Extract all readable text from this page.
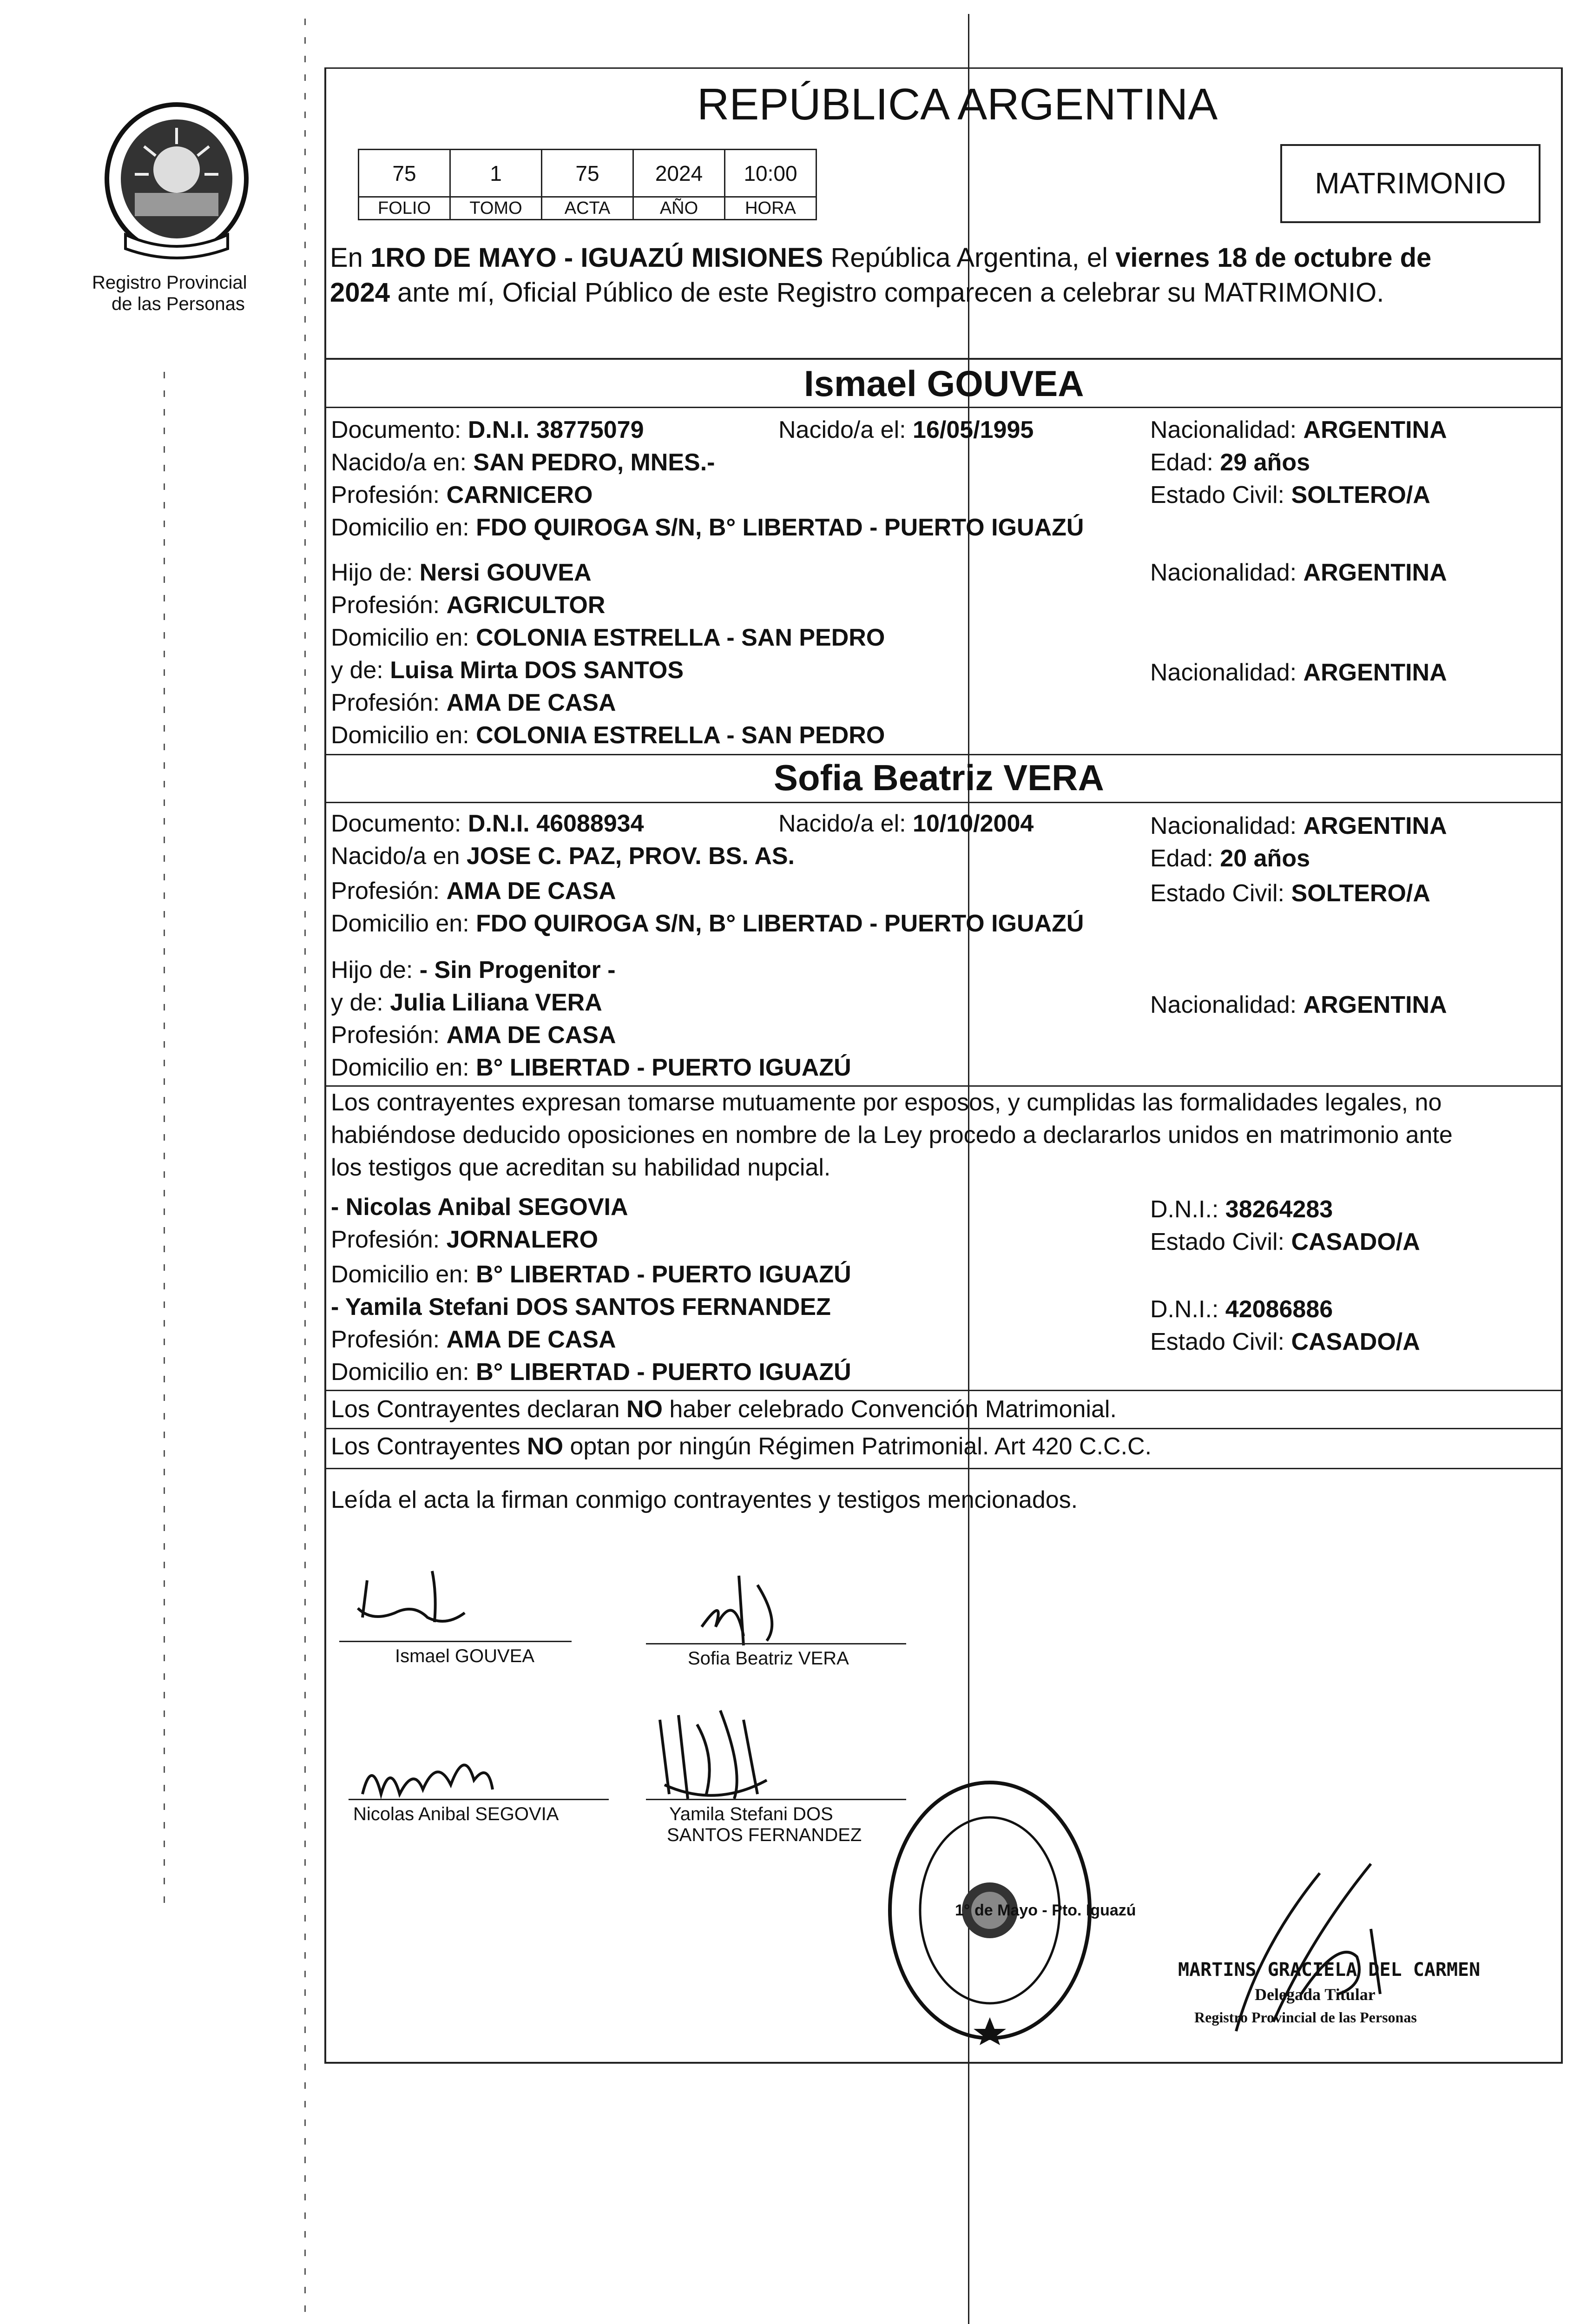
Registro Provincial
de las Personas
REPÚBLICA ARGENTINA
75	1	75	2024	10:00
FOLIO	TOMO	ACTA	AÑO	HORA
MATRIMONIO
En 1RO DE MAYO - IGUAZÚ MISIONES República Argentina, el viernes 18 de octubre de
2024 ante mí, Oficial Público de este Registro comparecen a celebrar su MATRIMONIO.
Ismael GOUVEA
Documento: D.N.I. 38775079	Nacido/a el: 16/05/1995	Nacionalidad: ARGENTINA
Nacido/a en: SAN PEDRO, MNES.-	Edad: 29 años
Profesión: CARNICERO	Estado Civil: SOLTERO/A
Domicilio en: FDO QUIROGA S/N, B° LIBERTAD - PUERTO IGUAZÚ
Hijo de: Nersi GOUVEA	Nacionalidad: ARGENTINA
Profesión: AGRICULTOR
Domicilio en: COLONIA ESTRELLA - SAN PEDRO
y de: Luisa Mirta DOS SANTOS	Nacionalidad: ARGENTINA
Profesión: AMA DE CASA
Domicilio en: COLONIA ESTRELLA - SAN PEDRO
Sofia Beatriz VERA
Documento: D.N.I. 46088934	Nacido/a el: 10/10/2004	Nacionalidad: ARGENTINA
Nacido/a en JOSE C. PAZ, PROV. BS. AS.	Edad: 20 años
Profesión: AMA DE CASA	Estado Civil: SOLTERO/A
Domicilio en: FDO QUIROGA S/N, B° LIBERTAD - PUERTO IGUAZÚ
Hijo de: - Sin Progenitor -
y de: Julia Liliana VERA	Nacionalidad: ARGENTINA
Profesión: AMA DE CASA
Domicilio en: B° LIBERTAD - PUERTO IGUAZÚ
Los contrayentes expresan tomarse mutuamente por esposos, y cumplidas las formalidades legales, no
habiéndose deducido oposiciones en nombre de la Ley procedo a declararlos unidos en matrimonio ante
los testigos que acreditan su habilidad nupcial.
- Nicolas Anibal SEGOVIA	D.N.I.: 38264283
Profesión: JORNALERO	Estado Civil: CASADO/A
Domicilio en: B° LIBERTAD - PUERTO IGUAZÚ
- Yamila Stefani DOS SANTOS FERNANDEZ	D.N.I.: 42086886
Profesión: AMA DE CASA	Estado Civil: CASADO/A
Domicilio en: B° LIBERTAD - PUERTO IGUAZÚ
Los Contrayentes declaran NO haber celebrado Convención Matrimonial.
Los Contrayentes NO optan por ningún Régimen Patrimonial. Art 420 C.C.C.
Leída el acta la firman conmigo contrayentes y testigos mencionados.
Ismael GOUVEA	Sofia Beatriz VERA
Nicolas Anibal SEGOVIA	Yamila Stefani DOS
SANTOS FERNANDEZ
1° de Mayo - Pto. Iguazú
MARTINS GRACIELA DEL CARMEN
Delegada Titular
Registro Provincial de las Personas
